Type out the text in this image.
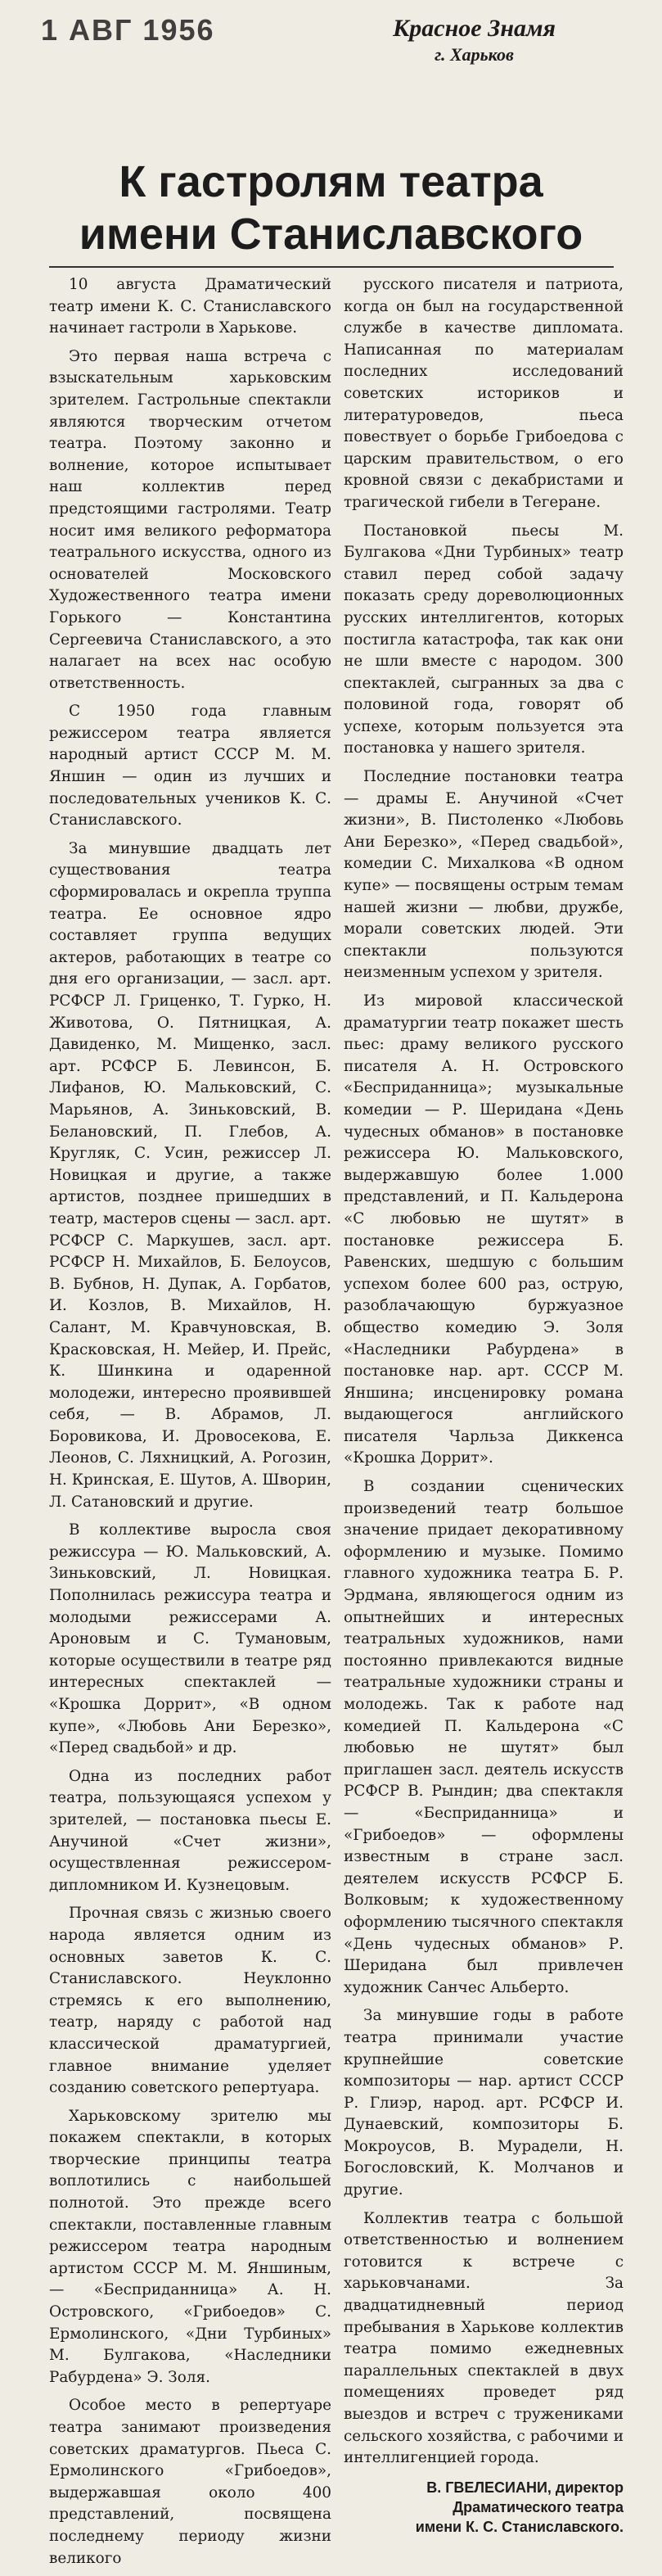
1 АВГ 1956	Красное Знамя
г. Харьков
К гастролям театра
имени Станиславского

10 августа Драматический театр имени К. С. Станиславского начинает гастроли в Харькове.

Это первая наша встреча с взыскательным харьковским зрителем. Гастрольные спектакли являются творческим отчетом театра. Поэтому законно и волнение, которое испытывает наш коллектив перед предстоящими гастролями. Театр носит имя великого реформатора театрального искусства, одного из основателей Московского Художественного театра имени Горького — Константина Сергеевича Станиславского, а это налагает на всех нас особую ответственность.

С 1950 года главным режиссером театра является народный артист СССР М. М. Яншин — один из лучших и последовательных учеников К. С. Станиславского.

За минувшие двадцать лет существования театра сформировалась и окрепла труппа театра. Ее основное ядро составляет группа ведущих актеров, работающих в театре со дня его организации, — засл. арт. РСФСР Л. Гриценко, Т. Гурко, Н. Животова, О. Пятницкая, А. Давиденко, М. Мищенко, засл. арт. РСФСР Б. Левинсон, Б. Лифанов, Ю. Мальковский, С. Марьянов, А. Зиньковский, В. Белановский, П. Глебов, А. Кругляк, С. Усин, режиссер Л. Новицкая и другие, а также артистов, позднее пришедших в театр, мастеров сцены — засл. арт. РСФСР С. Маркушев, засл. арт. РСФСР Н. Михайлов, Б. Белоусов, В. Бубнов, Н. Дупак, А. Горбатов, И. Козлов, В. Михайлов, Н. Салант, М. Кравчуновская, В. Красковская, Н. Мейер, И. Прейс, К. Шинкина и одаренной молодежи, интересно проявившей себя, — В. Абрамов, Л. Боровикова, И. Дровосекова, Е. Леонов, С. Ляхницкий, А. Рогозин, Н. Кринская, Е. Шутов, А. Шворин, Л. Сатановский и другие.

В коллективе выросла своя режиссура — Ю. Мальковский, А. Зиньковский, Л. Новицкая. Пополнилась режиссура театра и молодыми режиссерами А. Ароновым и С. Тумановым, которые осуществили в театре ряд интересных спектаклей — «Крошка Доррит», «В одном купе», «Любовь Ани Березко», «Перед свадьбой» и др.

Одна из последних работ театра, пользующаяся успехом у зрителей, — постановка пьесы Е. Анучиной «Счет жизни», осуществленная режиссером-дипломником И. Кузнецовым.

Прочная связь с жизнью своего народа является одним из основных заветов К. С. Станиславского. Неуклонно стремясь к его выполнению, театр, наряду с работой над классической драматургией, главное внимание уделяет созданию советского репертуара.

Харьковскому зрителю мы покажем спектакли, в которых творческие принципы театра воплотились с наибольшей полнотой. Это прежде всего спектакли, поставленные главным режиссером театра народным артистом СССР М. М. Яншиным, — «Бесприданница» А. Н. Островского, «Грибоедов» С. Ермолинского, «Дни Турбиных» М. Булгакова, «Наследники Рабурдена» Э. Золя.

Особое место в репертуаре театра занимают произведения советских драматургов. Пьеса С. Ермолинского «Грибоедов», выдержавшая около 400 представлений, посвящена последнему периоду жизни великого

русского писателя и патриота, когда он был на государственной службе в качестве дипломата. Написанная по материалам последних исследований советских историков и литературоведов, пьеса повествует о борьбе Грибоедова с царским правительством, о его кровной связи с декабристами и трагической гибели в Тегеране.

Постановкой пьесы М. Булгакова «Дни Турбиных» театр ставил перед собой задачу показать среду дореволюционных русских интеллигентов, которых постигла катастрофа, так как они не шли вместе с народом. 300 спектаклей, сыгранных за два с половиной года, говорят об успехе, которым пользуется эта постановка у нашего зрителя.

Последние постановки театра — драмы Е. Анучиной «Счет жизни», В. Пистоленко «Любовь Ани Березко», «Перед свадьбой», комедии С. Михалкова «В одном купе» — посвящены острым темам нашей жизни — любви, дружбе, морали советских людей. Эти спектакли пользуются неизменным успехом у зрителя.

Из мировой классической драматургии театр покажет шесть пьес: драму великого русского писателя А. Н. Островского «Бесприданница»; музыкальные комедии — Р. Шеридана «День чудесных обманов» в постановке режиссера Ю. Мальковского, выдержавшую более 1.000 представлений, и П. Кальдерона «С любовью не шутят» в постановке режиссера Б. Равенских, шедшую с большим успехом более 600 раз, острую, разоблачающую буржуазное общество комедию Э. Золя «Наследники Рабурдена» в постановке нар. арт. СССР М. Яншина; инсценировку романа выдающегося английского писателя Чарльза Диккенса «Крошка Доррит».

В создании сценических произведений театр большое значение придает декоративному оформлению и музыке. Помимо главного художника театра Б. Р. Эрдмана, являющегося одним из опытнейших и интересных театральных художников, нами постоянно привлекаются видные театральные художники страны и молодежь. Так к работе над комедией П. Кальдерона «С любовью не шутят» был приглашен засл. деятель искусств РСФСР В. Рындин; два спектакля — «Бесприданница» и «Грибоедов» — оформлены известным в стране засл. деятелем искусств РСФСР Б. Волковым; к художественному оформлению тысячного спектакля «День чудесных обманов» Р. Шеридана был привлечен художник Санчес Альберто.

За минувшие годы в работе театра принимали участие крупнейшие советские композиторы — нар. артист СССР Р. Глиэр, народ. арт. РСФСР И. Дунаевский, композиторы Б. Мокроусов, В. Мурадели, Н. Богословский, К. Молчанов и другие.

Коллектив театра с большой ответственностью и волнением готовится к встрече с харьковчанами. За двадцатидневный период пребывания в Харькове коллектив театра помимо ежедневных параллельных спектаклей в двух помещениях проведет ряд выездов и встреч с тружениками сельского хозяйства, с рабочими и интеллигенцией города.

В. ГВЕЛЕСИАНИ, директор Драматического театра
имени К. С. Станиславского.
